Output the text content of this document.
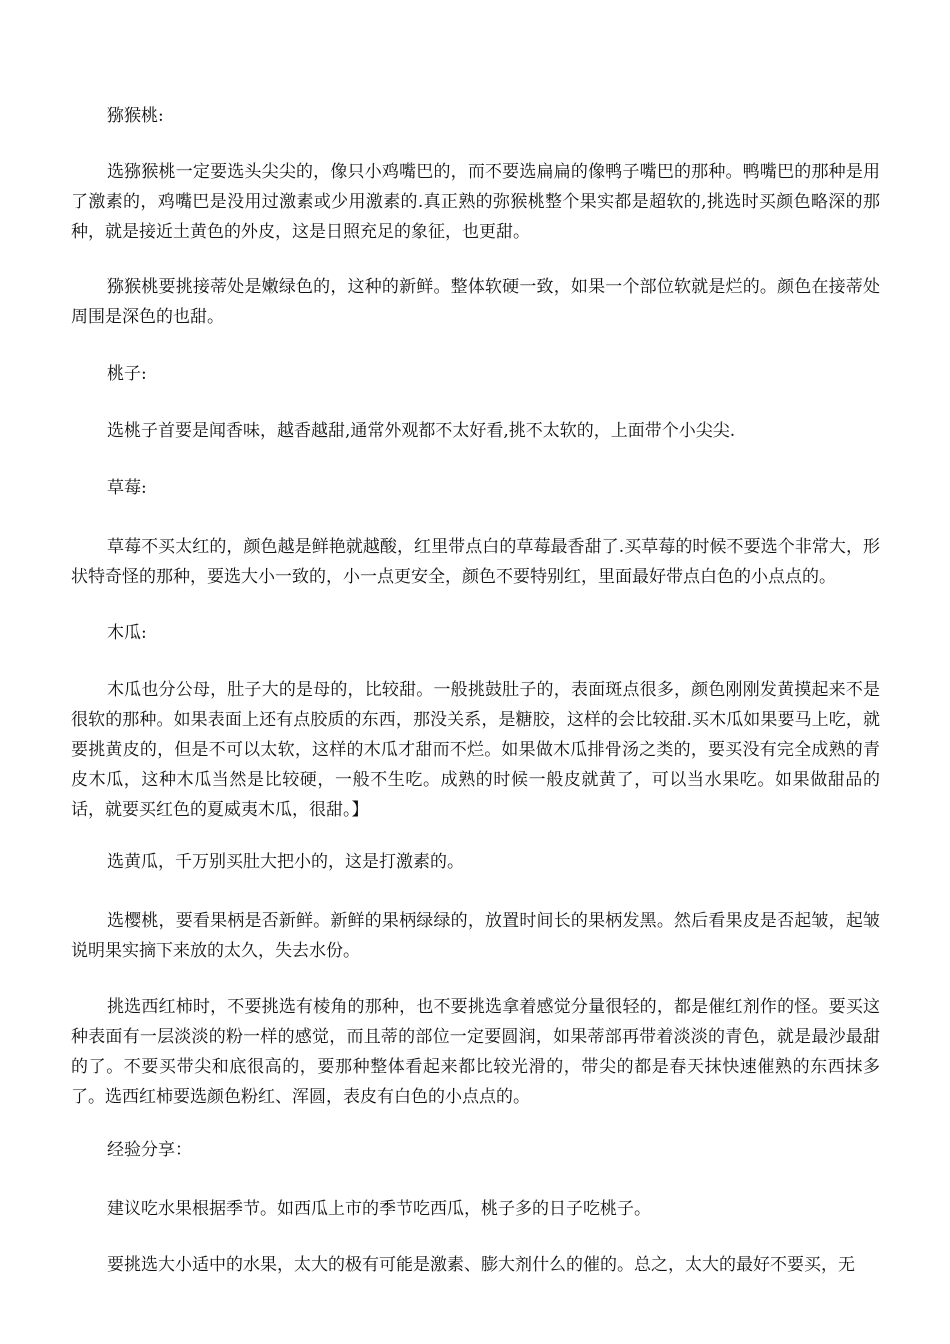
猕猴桃:

选猕猴桃一定要选头尖尖的，像只小鸡嘴巴的，而不要选扁扁的像鸭子嘴巴的那种。鸭嘴巴的那种是用了激素的，鸡嘴巴是没用过激素或少用激素的.真正熟的弥猴桃整个果实都是超软的,挑选时买颜色略深的那种，就是接近土黄色的外皮，这是日照充足的象征，也更甜。

猕猴桃要挑接蒂处是嫩绿色的，这种的新鲜。整体软硬一致，如果一个部位软就是烂的。颜色在接蒂处周围是深色的也甜。

桃子:

选桃子首要是闻香味，越香越甜,通常外观都不太好看,挑不太软的，上面带个小尖尖.

草莓:

草莓不买太红的，颜色越是鲜艳就越酸，红里带点白的草莓最香甜了.买草莓的时候不要选个非常大，形状特奇怪的那种，要选大小一致的，小一点更安全，颜色不要特别红，里面最好带点白色的小点点的。

木瓜:

木瓜也分公母，肚子大的是母的，比较甜。一般挑鼓肚子的，表面斑点很多，颜色刚刚发黄摸起来不是很软的那种。如果表面上还有点胶质的东西，那没关系，是糖胶，这样的会比较甜.买木瓜如果要马上吃，就要挑黄皮的，但是不可以太软，这样的木瓜才甜而不烂。如果做木瓜排骨汤之类的，要买没有完全成熟的青皮木瓜，这种木瓜当然是比较硬，一般不生吃。成熟的时候一般皮就黄了，可以当水果吃。如果做甜品的话，就要买红色的夏威夷木瓜，很甜。】

选黄瓜，千万别买肚大把小的，这是打激素的。

选樱桃，要看果柄是否新鲜。新鲜的果柄绿绿的，放置时间长的果柄发黑。然后看果皮是否起皱，起皱说明果实摘下来放的太久，失去水份。

挑选西红柿时，不要挑选有棱角的那种，也不要挑选拿着感觉分量很轻的，都是催红剂作的怪。要买这种表面有一层淡淡的粉一样的感觉，而且蒂的部位一定要圆润，如果蒂部再带着淡淡的青色，就是最沙最甜的了。不要买带尖和底很高的，要那种整体看起来都比较光滑的，带尖的都是春天抹快速催熟的东西抹多了。选西红柿要选颜色粉红、浑圆，表皮有白色的小点点的。

经验分享：

建议吃水果根据季节。如西瓜上市的季节吃西瓜，桃子多的日子吃桃子。

要挑选大小适中的水果，太大的极有可能是激素、膨大剂什么的催的。总之，太大的最好不要买，无
